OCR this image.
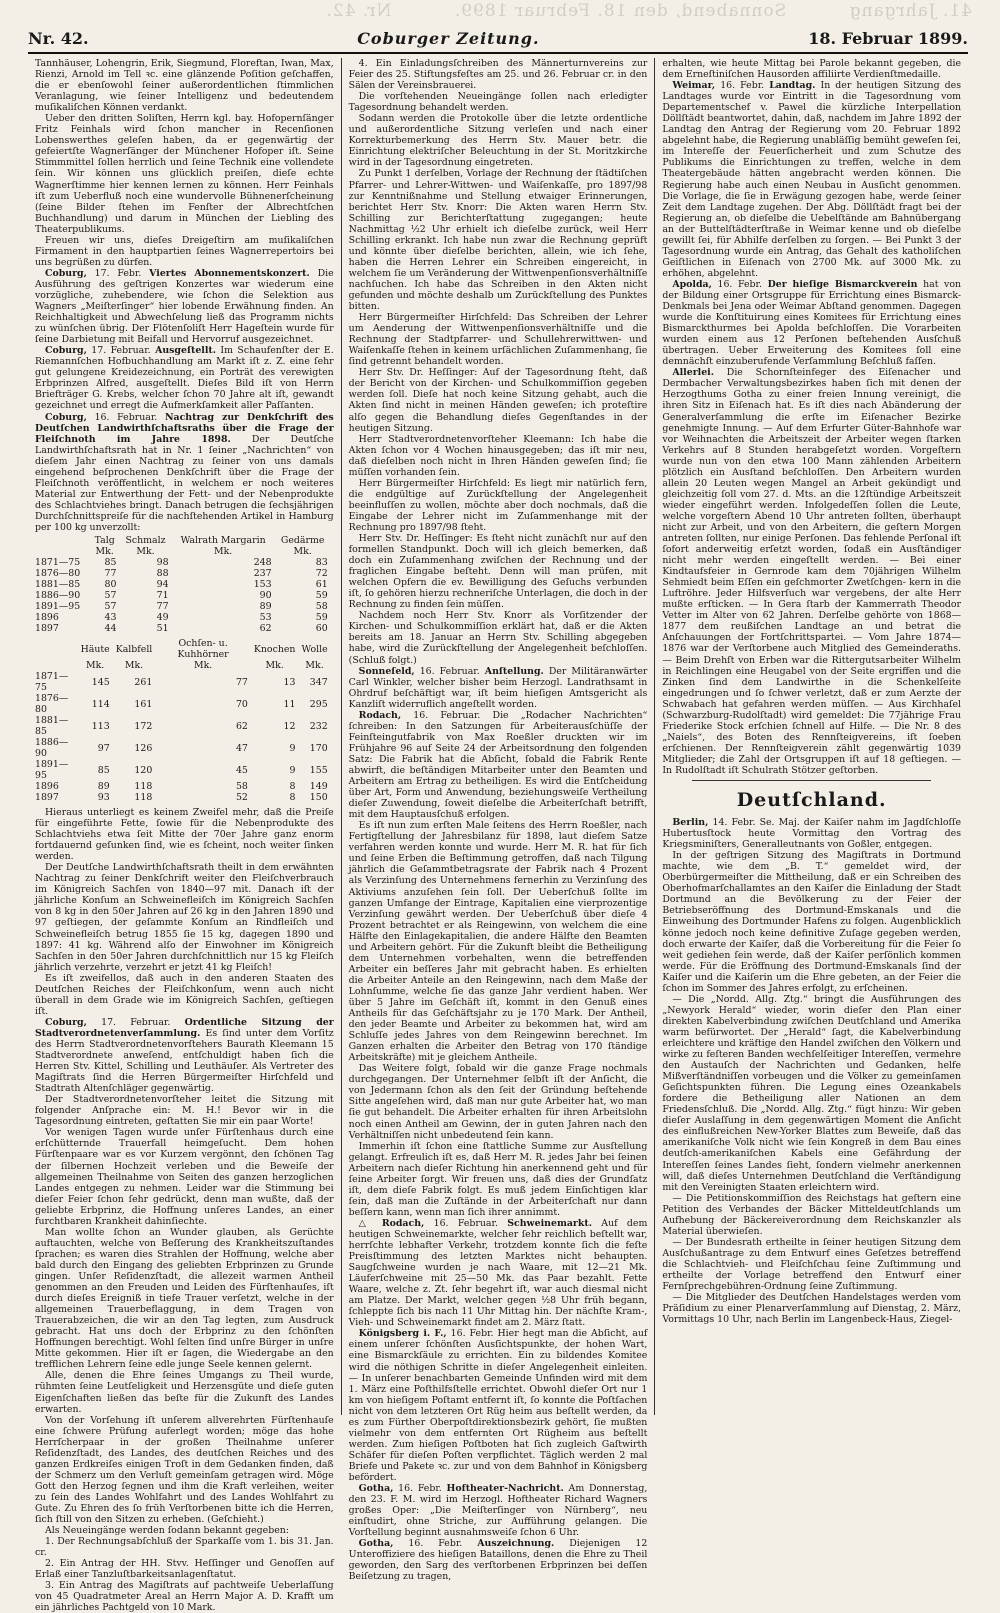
41. Jahrgang Sonnabend, den 18. Februar 1899. Nr. 42.
Nr. 42.	Coburger Zeitung.	18. Februar 1899.

Tannhäuser, Lohengrin, Erik, Siegmund, Floreftan, Iwan, Max, Rienzi, Arnold im Tell ꝛc. eine glänzende Poſition geſchaffen, die er ebenſowohl ſeiner außerordentlichen ſtimmlichen Veranlagung, wie ſeiner Intelligenz und bedeutendem muſikaliſchen Können verdankt.

Ueber den dritten Soliſten, Herrn kgl. bay. Hofopernſänger Fritz Feinhals wird ſchon mancher in Recenſionen Lobenswerthes geleſen haben, da er gegenwärtig der gefeiertſte Wagnerſänger der Münchener Hofoper iſt. Seine Stimmmittel ſollen herrlich und ſeine Technik eine vollendete ſein. Wir können uns glücklich preiſen, dieſe echte Wagnerſtimme hier kennen lernen zu können. Herr Feinhals iſt zum Ueberfluß noch eine wundervolle Bühnenerſcheinung (ſeine Bilder ſtehen im Fenſter der Albrechtſchen Buchhandlung) und darum in München der Liebling des Theaterpublikums.

Freuen wir uns, dieſes Dreigeſtirn am muſikaliſchen Firmament in den hauptpartien ſeines Wagnerrepertoirs bei uns begrüßen zu dürfen.

Coburg, 17. Febr. Viertes Abonnementskonzert. Die Ausführung des geſtrigen Konzertes war wiederum eine vorzügliche, zuhebendere, wie ſchon die Selektion aus Wagners „Meiſterſinger“ hier lobende Erwähnung finden. An Reichhaltigkeit und Abwechſelung ließ das Programm nichts zu wünſchen übrig. Der Flötenſoliſt Herr Hageſtein wurde für ſeine Darbietung mit Beifall und Hervorruf ausgezeichnet.

Coburg, 17. Februar. Ausgeſtellt. Im Schaufenſter der E. Riemannſchen Hofbuchhandlung am Markt iſt z. Z. eine ſehr gut gelungene Kreidezeichnung, ein Porträt des verewigten Erbprinzen Alfred, ausgeſtellt. Dieſes Bild iſt von Herrn Briefträger G. Krebs, welcher ſchon 70 Jahre alt iſt, gewandt gezeichnet und erregt die Aufmerkſamkeit aller Paſſanten.

Coburg, 16. Februar. Nachtrag zur Denkſchrift des Deutſchen Landwirthſchaftsraths über die Frage der Fleiſchnoth im Jahre 1898. Der Deutſche Landwirthſchaftsrath hat in Nr. 1 ſeiner „Nachrichten“ von dieſem Jahr einen Nachtrag zu ſeiner von uns damals eingehend beſprochenen Denkſchrift über die Frage der Fleiſchnoth veröffentlicht, in welchem er noch weiteres Material zur Entwerthung der Fett- und der Nebenprodukte des Schlachtviehes bringt. Danach betrugen die ſechsjährigen Durchſchnittspreiſe für die nachſtehenden Artikel in Hamburg per 100 kg unverzollt:

	Talg	Schmalz	Walrath Margarin	Gedärme
	Mk.	Mk.	Mk.	Mk.
1871—75	85	98	248	83
1876—80	77	88	237	72
1881—85	80	94	153	61
1886—90	57	71	90	59
1891—95	57	77	89	58
1896	43	49	53	59
1897	44	51	62	60
	Häute	Kalbfell	Ochſen- u. Kuhhörner	Knochen	Wolle
	Mk.	Mk.	Mk.	Mk.	Mk.
1871—75	145	261	77	13	347
1876—80	114	161	70	11	295
1881—85	113	172	62	12	232
1886—90	97	126	47	9	170
1891—95	85	120	45	9	155
1896	89	118	58	8	149
1897	93	118	52	8	150

Hieraus unterliegt es keinem Zweifel mehr, daß die Preiſe für eingeführte Fette, ſowie für die Nebenprodukte des Schlachtviehs etwa ſeit Mitte der 70er Jahre ganz enorm fortdauernd geſunken ſind, wie es ſcheint, noch weiter ſinken werden.

Der Deutſche Landwirthſchaftsrath theilt in dem erwähnten Nachtrag zu ſeiner Denkſchrift weiter den Fleiſchverbrauch im Königreich Sachſen von 1840—97 mit. Danach iſt der jährliche Konſum an Schweinefleiſch im Königreich Sachſen von 8 kg in den 50er Jahren auf 26 kg in den Jahren 1890 und 97 geſtiegen, der geſammte Konſum an Rindfleiſch und Schweinefleiſch betrug 1855 ſie 15 kg, dagegen 1890 und 1897: 41 kg. Während alſo der Einwohner im Königreich Sachſen in den 50er Jahren durchſchnittlich nur 15 kg Fleiſch jährlich verzehrte, verzehrt er jetzt 41 kg Fleiſch!

Es iſt zweifellos, daß auch in den anderen Staaten des Deutſchen Reiches der Fleiſchkonſum, wenn auch nicht überall in dem Grade wie im Königreich Sachſen, geſtiegen iſt.

Coburg, 17. Februar. Ordentliche Sitzung der Stadtverordnetenverſammlung. Es ſind unter dem Vorſitz des Herrn Stadtverordnetenvorſtehers Baurath Kleemann 15 Stadtverordnete anweſend, entſchuldigt haben ſich die Herren Stv. Kittel, Schilling und Leuthäuſer. Als Vertreter des Magiſtrats ſind die Herren Bürgermeiſter Hirſchfeld und Stadtrath Altenſchläger gegenwärtig.

Der Stadtverordnetenvorſteher leitet die Sitzung mit folgender Anſprache ein: M. H.! Bevor wir in die Tagesordnung eintreten, geſtatten Sie mir ein paar Worte!

Vor wenigen Tagen wurde unſer Fürſtenhaus durch eine erſchütternde Trauerfall heimgeſucht. Dem hohen Fürſtenpaare war es vor Kurzem vergönnt, den ſchönen Tag der ſilbernen Hochzeit verleben und die Beweiſe der allgemeinen Theilnahme von Seiten des ganzen herzoglichen Landes entgegen zu nehmen. Leider war die Stimmung bei dieſer Feier ſchon ſehr gedrückt, denn man wußte, daß der geliebte Erbprinz, die Hoffnung unſeres Landes, an einer furchtbaren Krankheit dahinſiechte.

Man wollte ſchon an Wunder glauben, als Gerüchte auftauchten, welche von Beſſerung des Krankheitszuſtandes ſprachen; es waren dies Strahlen der Hoffnung, welche aber bald durch den Eingang des geliebten Erbprinzen zu Grunde gingen. Unſer Reſidenzſtadt, die allezeit warmen Antheil genommen an den Freuden und Leiden des Fürſtenhauſes, iſt durch dieſes Ereigniß in tiefe Trauer verſetzt, welche in der allgemeinen Trauerbeflaggung, in dem Tragen von Trauerabzeichen, die wir an den Tag legten, zum Ausdruck gebracht. Hat uns doch der Erbprinz zu den ſchönſten Hoffnungen berechtigt. Wohl ſelten ſind unſre Bürger in unſre Mitte gekommen. Hier iſt er ſagen, die Wiedergabe an den trefflichen Lehrern ſeine edle junge Seele kennen gelernt.

Alle, denen die Ehre ſeines Umgangs zu Theil wurde, rühmten ſeine Leutſeligkeit und Herzensgüte und dieſe guten Eigenſchaften ließen das beſte für die Zukunft des Landes erwarten.

Von der Vorſehung iſt unſerem allverehrten Fürſtenhauſe eine ſchwere Prüfung auferlegt worden; möge das hohe Herrſcherpaar in der großen Theilnahme unſerer Reſidenzſtadt, des Landes, des deutſchen Reiches und des ganzen Erdkreiſes einigen Troſt in dem Gedanken finden, daß der Schmerz um den Verluſt gemeinſam getragen wird. Möge Gott den Herzog ſegnen und ihm die Kraft verleihen, weiter zu ſein des Landes Wohlfahrt und des Landes Wohlfahrt zu Gute. Zu Ehren des ſo früh Verſtorbenen bitte ich die Herren, ſich ſtill von den Sitzen zu erheben. (Geſchieht.)

Als Neueingänge werden ſodann bekannt gegeben:

1. Der Rechnungsabſchluß der Sparkaſſe vom 1. bis 31. Jan. cr.

2. Ein Antrag der HH. Stvv. Heſſinger und Genoſſen auf Erlaß einer Tanzluſtbarkeitsanlagenſtatut.

3. Ein Antrag des Magiſtrats auf pachtweiſe Ueberlaſſung von 45 Quadratmeter Areal an Herrn Major A. D. Krafft um ein jährliches Pachtgeld von 10 Mark.

4. Ein Einladungsſchreiben des Männerturnvereins zur Feier des 25. Stiftungsfeſtes am 25. und 26. Februar cr. in den Sälen der Vereinsbrauerei.

Die vorſtehenden Neueingänge ſollen nach erledigter Tagesordnung behandelt werden.

Sodann werden die Protokolle über die letzte ordentliche und außerordentliche Sitzung verleſen und nach einer Korrekturbemerkung des Herrn Stv. Mauer betr. die Einrichtung elektriſcher Beleuchtung in der St. Moritzkirche wird in der Tagesordnung eingetreten.

Zu Punkt 1 derſelben, Vorlage der Rechnung der ſtädtiſchen Pfarrer- und Lehrer-Wittwen- und Waiſenkaſſe, pro 1897/98 zur Kenntnißnahme und Stellung etwaiger Erinnerungen, berichtet Herr Stv. Knorr: Die Akten waren Herrn Stv. Schilling zur Berichterſtattung zugegangen; heute Nachmittag ½2 Uhr erhielt ich dieſelbe zurück, weil Herr Schilling erkrankt. Ich habe nun zwar die Rechnung geprüft und könnte über dieſelbe berichten, allein, wie ich ſehe, haben die Herren Lehrer ein Schreiben eingereicht, in welchem ſie um Veränderung der Wittwenpenſionsverhältniſſe nachſuchen. Ich habe das Schreiben in den Akten nicht gefunden und möchte deshalb um Zurückſtellung des Punktes bitten.

Herr Bürgermeiſter Hirſchfeld: Das Schreiben der Lehrer um Aenderung der Wittwenpenſionsverhältniſſe und die Rechnung der Stadtpfarrer- und Schullehrerwittwen- und Waiſenkaſſe ſtehen in keinem urſächlichen Zuſammenhang, ſie ſind getrennt behandelt worden.

Herr Stv. Dr. Heſſinger: Auf der Tagesordnung ſteht, daß der Bericht von der Kirchen- und Schulkommiſſion gegeben werden ſoll. Dieſe hat noch keine Sitzung gehabt, auch die Akten ſind nicht in meinen Händen geweſen; ich proteſtire alſo gegen die Behandlung dieſes Gegenſtandes in der heutigen Sitzung.

Herr Stadtverordnetenvorſteher Kleemann: Ich habe die Akten ſchon vor 4 Wochen hinausgegeben; das iſt mir neu, daß dieſelben noch nicht in Ihren Händen geweſen ſind; ſie müſſen vorhanden ſein.

Herr Bürgermeiſter Hirſchfeld: Es liegt mir natürlich fern, die endgültige auf Zurückſtellung der Angelegenheit beeinfluſſen zu wollen, möchte aber doch nochmals, daß die Eingabe der Lehrer nicht im Zuſammenhange mit der Rechnung pro 1897/98 ſteht.

Herr Stv. Dr. Heſſinger: Es ſteht nicht zunächſt nur auf den formellen Standpunkt. Doch will ich gleich bemerken, daß doch ein Zuſammenhang zwiſchen der Rechnung und der fraglichen Eingabe beſteht. Denn will man prüfen, mit welchen Opfern die ev. Bewilligung des Geſuchs verbunden iſt, ſo gehören hierzu rechneriſche Unterlagen, die doch in der Rechnung zu finden ſein müſſen.

Nachdem noch Herr Stv. Knorr als Vorſitzender der Kirchen- und Schulkommiſſion erklärt hat, daß er die Akten bereits am 18. Januar an Herrn Stv. Schilling abgegeben habe, wird die Zurückſtellung der Angelegenheit beſchloſſen. (Schluß folgt.)

Sonneſeld, 16. Februar. Anſtellung. Der Militäranwärter Carl Winkler, welcher bisher beim Herzogl. Landrathsamt in Ohrdruf beſchäftigt war, iſt beim hieſigen Amtsgericht als Kanzliſt widerruflich angeſtellt worden.

Rodach, 16. Februar. Die „Rodacher Nachrichten“ ſchreiben: In den Satzungen für Arbeiterausſchüſſe der Feinſteingutfabrik von Max Roeßler druckten wir im Frühjahre 96 auf Seite 24 der Arbeitsordnung den folgenden Satz: Die Fabrik hat die Abſicht, ſobald die Fabrik Rente abwirft, die beſtändigen Mitarbeiter unter den Beamten und Arbeitern am Ertrag zu betheiligen. Es wird die Entſcheidung über Art, Form und Anwendung, beziehungsweiſe Vertheilung dieſer Zuwendung, ſoweit dieſelbe die Arbeiterſchaft betrifft, mit dem Hauptausſchuß erfolgen.

Es iſt nun zum erſten Male ſeitens des Herrn Roeßler, nach Fertigſtellung der Jahresbilanz für 1898, laut dieſem Satze verfahren werden konnte und wurde. Herr M. R. hat für ſich und ſeine Erben die Beſtimmung getroffen, daß nach Tilgung jährlich die Geſammtbetragsrate der Fabrik nach 4 Prozent als Verzinſung des Unternehmens fernerhin zu Verzinſung des Aktiviums anzuſehen ſein ſoll. Der Ueberſchuß ſollte im ganzen Umfange der Eintrage, Kapitalien eine vierprozentige Verzinſung gewährt werden. Der Ueberſchuß über dieſe 4 Prozent betrachtet er als Reingewinn, von welchem die eine Hälfte den Einlagekapitalien, die andere Hälfte den Beamten und Arbeitern gehört. Für die Zukunft bleibt die Betheiligung dem Unternehmen vorbehalten, wenn die betreffenden Arbeiter ein beſſeres Jahr mit gebracht haben. Es erhielten die Arbeiter Anteile an den Reingewinn, nach dem Maße der Lohnſumme, welche ſie das ganze Jahr verdient haben. Wer über 5 Jahre im Geſchäft iſt, kommt in den Genuß eines Antheils für das Geſchäftsjahr zu je 170 Mark. Der Antheil, den jeder Beamte und Arbeiter zu bekommen hat, wird am Schluſſe jedes Jahres von dem Reingewinn berechnet. Im Ganzen erhalten die Arbeiter den Betrag von 170 ſtändige Arbeitskräfte) mit je gleichem Antheile.

Das Weitere folgt, ſobald wir die ganze Frage nochmals durchgegangen. Der Unternehmer ſelbſt iſt der Anſicht, die von Jedermann ſchon als den ſeit der Gründung beſtehende Sitte angeſehen wird, daß man nur gute Arbeiter hat, wo man ſie gut behandelt. Die Arbeiter erhalten für ihren Arbeitslohn noch einen Antheil am Gewinn, der in guten Jahren nach den Verhältniſſen nicht unbedeutend ſein kann.

Immerhin iſt ſchon eine ſtattliche Summe zur Ausſtellung gelangt. Erfreulich iſt es, daß Herr M. R. jedes Jahr bei ſeinen Arbeitern nach dieſer Richtung hin anerkennend geht und für ſeine Arbeiter ſorgt. Wir freuen uns, daß dies der Grundſatz iſt, dem dieſe Fabrik folgt. Es muß jedem Einſichtigen klar ſein, daß man die Zuſtände in der Arbeiterſchaft nur dann beſſern kann, wenn man ſich ihrer annimmt.

△ Rodach, 16. Februar. Schweinemarkt. Auf dem heutigen Schweinemarkte, welcher ſehr reichlich beſtellt war, herrſchte lebhafter Verkehr, trotzdem konnte ſich die feſte Preisſtimmung des letzten Marktes nicht behaupten. Saugſchweine wurden je nach Waare, mit 12—21 Mk. Läuferſchweine mit 25—50 Mk. das Paar bezahlt. Fette Waare, welche z. Zt. ſehr begehrt iſt, war auch diesmal nicht am Platze. Der Markt, welcher gegen ½8 Uhr früh begann, ſchleppte ſich bis nach 11 Uhr Mittag hin. Der nächſte Kram-, Vieh- und Schweinemarkt findet am 2. März ſtatt.

Königsberg i. F., 16. Febr. Hier hegt man die Abſicht, auf einem unſerer ſchönſten Ausſichtspunkte, der hohen Wart, eine Bismarckſäule zu errichten. Ein zu bildendes Komitee wird die nöthigen Schritte in dieſer Angelegenheit einleiten. — In unſerer benachbarten Gemeinde Unfinden wird mit dem 1. März eine Poſthilfsſtelle errichtet. Obwohl dieſer Ort nur 1 km von hieſigem Poſtamt entfernt iſt, ſo konnte die Poſtſachen nicht von dem letzteren Ort Rüg heim aus beſtellt werden, da es zum Fürther Oberpoſtdirektionsbezirk gehört, ſie mußten vielmehr von dem entfernten Ort Rügheim aus beſtellt werden. Zum hieſigen Poſtboten hat ſich zugleich Gaſtwirth Schäfer für dieſen Poſten verpflichtet. Täglich werden 2 mal Briefe und Pakete ꝛc. zur und von dem Bahnhof in Königsberg befördert.

Gotha, 16. Febr. Hoftheater-Nachricht. Am Donnerstag, den 23. F. M. wird im Herzogl. Hoftheater Richard Wagners großes Oper: „Die Meiſterſinger von Nürnberg“, neu einſtudirt, ohne Striche, zur Aufführung gelangen. Die Vorſtellung beginnt ausnahmsweiſe ſchon 6 Uhr.

Gotha, 16. Febr. Auszeichnung. Diejenigen 12 Unteroffiziere des hieſigen Bataillons, denen die Ehre zu Theil geworden, den Sarg des verſtorbenen Erbprinzen bei deſſen Beiſetzung zu tragen,

erhalten, wie heute Mittag bei Parole bekannt gegeben, die dem Erneſtiniſchen Hausorden affiliirte Verdienſtmedaille.

Weimar, 16. Febr. Landtag. In der heutigen Sitzung des Landtages wurde vor Eintritt in die Tagesordnung vom Departementschef v. Pawel die kürzliche Interpellation Döllſtädt beantwortet, dahin, daß, nachdem im Jahre 1892 der Landtag den Antrag der Regierung vom 20. Februar 1892 abgelehnt habe, die Regierung unabläſſig bemüht geweſen ſei, im Intereſſe der Feuerſicherheit und zum Schutze des Publikums die Einrichtungen zu treffen, welche in dem Theatergebäude hätten angebracht werden können. Die Regierung habe auch einen Neubau in Ausſicht genommen. Die Vorlage, die ſie in Erwägung gezogen habe, werde ſeiner Zeit dem Landtage zugehen. Der Abg. Döllſtädt fragt bei der Regierung an, ob dieſelbe die Uebelſtände am Bahnübergang an der Buttelſtädterſtraße in Weimar kenne und ob dieſelbe gewillt ſei, für Abhilfe derſelben zu ſorgen. — Bei Punkt 3 der Tagesordnung wurde ein Antrag, das Gehalt des katholiſchen Geiſtlichen in Eiſenach von 2700 Mk. auf 3000 Mk. zu erhöhen, abgelehnt.

Apolda, 16. Febr. Der hieſige Bismarckverein hat von der Bildung einer Ortsgruppe für Errichtung eines Bismarck-Denkmals bei Jena oder Weimar Abſtand genommen. Dagegen wurde die Konſtituirung eines Komitees für Errichtung eines Bismarckthurmes bei Apolda beſchloſſen. Die Vorarbeiten wurden einem aus 12 Perſonen beſtehenden Ausſchuß übertragen. Ueber Erweiterung des Komitees ſoll eine demnächſt einzuberufende Verſammlung Beſchluß faſſen.

Allerlei. Die Schornſteinfeger des Eiſenacher und Dermbacher Verwaltungsbezirkes haben ſich mit denen der Herzogthums Gotha zu einer freien Innung vereinigt, die ihren Sitz in Eiſenach hat. Es iſt dies nach Abänderung der Generalverſammlung die erſte im Eiſenacher Bezirke genehmigte Innung. — Auf dem Erfurter Güter-Bahnhofe war vor Weihnachten die Arbeitszeit der Arbeiter wegen ſtarken Verkehrs auf 8 Stunden herabgeſetzt worden. Vorgeſtern wurde nun von den etwa 100 Mann zählenden Arbeitern plötzlich ein Ausſtand beſchloſſen. Den Arbeitern wurden allein 20 Leuten wegen Mangel an Arbeit gekündigt und gleichzeitig ſoll vom 27. d. Mts. an die 12ſtündige Arbeitszeit wieder eingeführt werden. Infolgedeſſen ſollen die Leute, welche vorgeſtern Abend 10 Uhr antreten ſollten, überhaupt nicht zur Arbeit, und von den Arbeitern, die geſtern Morgen antreten ſollten, nur einige Perſonen. Das fehlende Perſonal iſt ſofort anderweitig erſetzt worden, ſodaß ein Ausſtändiger nicht mehr werden eingeſtellt werden. — Bei einer Kindtaufsfeier in Gernrode kam dem 70jährigen Wilhelm Sehmiedt beim Eſſen ein geſchmorter Zwetſchgen- kern in die Luftröhre. Jeder Hilfsverſuch war vergebens, der alte Herr mußte erſticken. — In Gera ſtarb der Kammerrath Theodor Vetter im Alter von 62 Jahren. Derſelbe gehörte von 1868—1877 dem reußiſchen Landtage an und betrat die Anſchauungen der Fortſchrittspartei. — Vom Jahre 1874—1876 war der Verſtorbene auch Mitglied des Gemeinderaths. — Beim Drehſt von Erben war die Rittergutsarbeiter Wilhelm in Reichlingen eine Heugabel von der Seite ergriffen und die Zinken ſind dem Landwirthe in die Schenkelſeite eingedrungen und ſo ſchwer verletzt, daß er zum Aerzte der Schwabach hat gefahren werden müſſen. — Aus Kirchhaſel (Schwarzburg-Rudolſtadt) wird gemeldet: Die 77jährige Frau Friederike Stock erſchien ſchnell auf Hilfe. — Die Nr. 8 des „Naiels“, des Boten des Rennſteigvereins, iſt ſoeben erſchienen. Der Rennſteigverein zählt gegenwärtig 1039 Mitglieder; die Zahl der Ortsgruppen iſt auf 18 geſtiegen. — In Rudolſtadt iſt Schulrath Stötzer geſtorben.

Deutſchland.

Berlin, 14. Febr. Se. Maj. der Kaiſer nahm im Jagdſchloſſe Hubertusſtock heute Vormittag den Vortrag des Kriegsminiſters, Generalleutnants von Goßler, entgegen.

In der geſtrigen Sitzung des Magiſtrats in Dortmund machte, wie dem „B. T.“ gemeldet wird, der Oberbürgermeiſter die Mittheilung, daß er ein Schreiben des Oberhofmarſchallamtes an den Kaiſer die Einladung der Stadt Dortmund an die Bevölkerung zu der Feier der Betriebseröffnung des Dortmund-Emskanals und die Einweihung des Dortmunder Hafens zu folgen. Augenblicklich könne jedoch noch keine definitive Zuſage gegeben werden, doch erwarte der Kaiſer, daß die Vorbereitung für die Feier ſo weit gediehen ſein werde, daß der Kaiſer perſönlich kommen werde. Für die Eröffnung des Dortmund-Emskanals ſind der Kaiſer und die Kaiſerin um die Ehre gebeten, an der Feier die ſchon im Sommer des Jahres erfolgt, zu erſcheinen.

— Die „Nordd. Allg. Ztg.“ bringt die Ausführungen des „Newyork Herald“ wieder, worin dieſer den Plan einer direkten Kabelverbindung zwiſchen Deutſchland und Amerika warm befürwortet. Der „Herald“ ſagt, die Kabelverbindung erleichtere und kräftige den Handel zwiſchen den Völkern und wirke zu feſteren Banden wechſelſeitiger Intereſſen, vermehre den Austauſch der Nachrichten und Gedanken, helfe Mißverſtändniſſen vorbeugen und die Völker zu gemeinſamen Geſichtspunkten führen. Die Legung eines Ozeankabels fordere die Betheiligung aller Nationen an dem Friedensſchluß. Die „Nordd. Allg. Ztg.“ fügt hinzu: Wir geben dieſer Auslaſſung in dem gegenwärtigen Moment die Anſicht des einflußreichen New-Yorker Blattes zum Beweiſe, daß das amerikaniſche Volk nicht wie ſein Kongreß in dem Bau eines deutſch-amerikaniſchen Kabels eine Gefährdung der Intereſſen ſeines Landes ſieht, ſondern vielmehr anerkennen will, daß dieſes Unternehmen Deutſchland die Verſtändigung mit den Vereinigten Staaten erleichtern wird.

— Die Petitionskommiſſion des Reichstags hat geſtern eine Petition des Verbandes der Bäcker Mitteldeutſchlands um Aufhebung der Bäckereiverordnung dem Reichskanzler als Material überwieſen.

— Der Bundesrath ertheilte in ſeiner heutigen Sitzung dem Ausſchußantrage zu dem Entwurf eines Geſetzes betreffend die Schlachtvieh- und Fleiſchſchau ſeine Zuſtimmung und ertheilte der Vorlage betreffend den Entwurf einer Fernſprechgebühren-Ordnung ſeine Zuſtimmung.

— Die Mitglieder des Deutſchen Handelstages werden vom Präſidium zu einer Plenarverſammlung auf Dienstag, 2. März, Vormittags 10 Uhr, nach Berlin im Langenbeck-Haus, Ziegel-
